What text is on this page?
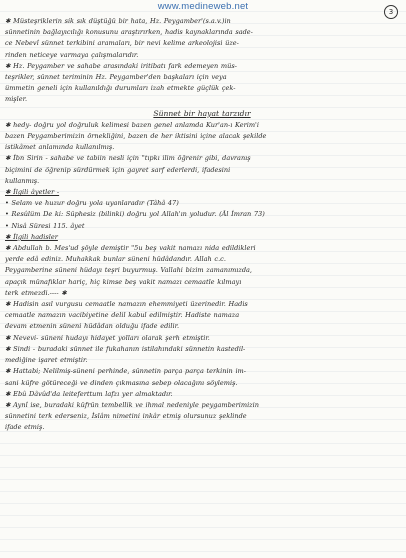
www.medineweb.net	3
✱ Müsteşriklerin sik sık düştüğü bir hata, Hz. Peygamber'(s.a.v.)in
sünnetinin bağlayıcılığı konusunu araştırırken, hadis kaynaklarında sade-
ce Nebevî sünnet terkibini aramaları, bir nevi kelime arkeolojisi üze-
rinden neticeye varmaya çalışmalarıdır.
✱ Hz. Peygamber ve sahabe arasındaki iritibatı fark edemeyen müs-
teşrikler, sünnet teriminin Hz. Peygamber'den başkaları için veya
ümmetin geneli için kullanıldığı durumları izah etmekte güçlük çek-
mişler.
Sünnet bir hayat tarzıdır
✱ hedy- doğru yol doğruluk kelimesi bazen genel anlamda Kur'an-ı Kerim'i
bazen Peygamberimizin örnekliğini, bazen de her iktisini içine alacak şekilde
istikâmet anlamında kullanılmış.
✱ İbn Sirin - sahabe ve tabiin nesli için "tıpkı ilim öğrenir gibi, davranış
biçimini de öğrenip sürdürmek için gayret sarf ederlerdi, ifadesini
kullanmış.
✱ İlgili âyetler -
• Selam ve huzur doğru yola uyanlaradır (Tâhâ 47)
• Resûlüm De ki: Süphesiz (bilinki) doğru yol Allah'ın yoludur. (Âl İmran 73)
• Nisâ Süresi 115. âyet
✱ İlgili hadisler
✱ Abdullah b. Mes'ud şöyle demiştir "5u beş vakit namazı nida edildikleri
yerde edâ ediniz. Muhakkak bunlar süneni hüdâdandır. Allah c.c.
Peygamberine süneni hüdayı teşri buyurmuş. Vallahi bizim zamanımızda,
apaçık münafıklar hariç, hiç kimse beş vakit namazı cemaatle kılmayı
terk etmezdi.---- ✱
✱ Hadisin asıl vurgusu cemaatle namazın ehemmiyeti üzerinedir. Hadis
cemaatle namazın vacibiyetine delil kabul edilmiştir. Hadiste namaza
devam etmenin süneni hüdâdan olduğu ifade edilir.
✱ Nevevi- süneni hudayı hidayet yolları olarak şerh etmiştir.
✱ Sindi - buradaki sünnet ile fukahanın istilahındaki sünnetin kastedil-
mediğine işaret etmiştir.
✱ Hattabi; Nelilmiş-süneni perhinde, sünnetin parça parça terkinin im-
sani küfre götüreceği ve dinden çıkmasına sebep olacağını söylemiş.
✱ Ebû Dâvûd'da leiteferttum lafzı yer almaktadır.
✱ Aynî ise, buradaki küfrün tembellik ve ihmal nedeniyle peygamberimizin
sünnetini terk ederseniz, İslâm nimetini inkâr etmiş olursunuz şeklinde
ifade etmiş.
